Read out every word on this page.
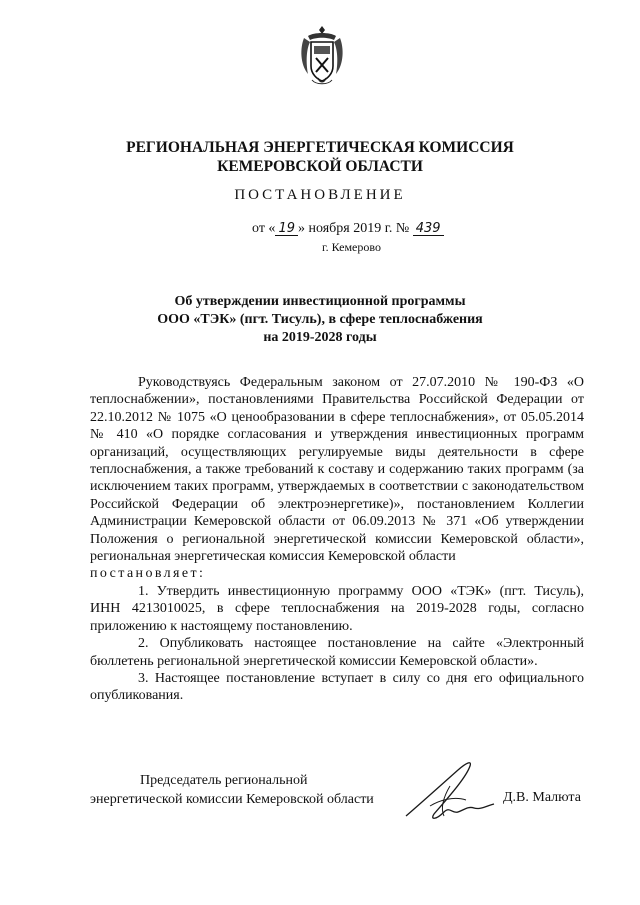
РЕГИОНАЛЬНАЯ ЭНЕРГЕТИЧЕСКАЯ КОМИССИЯ
КЕМЕРОВСКОЙ ОБЛАСТИ
ПОСТАНОВЛЕНИЕ
от « 19 » ноября 2019 г. № 439
г. Кемерово
Об утверждении инвестиционной программы
ООО «ТЭК» (пгт. Тисуль), в сфере теплоснабжения
на 2019-2028 годы

Руководствуясь Федеральным законом от 27.07.2010 № 190-ФЗ «О теплоснабжении», постановлениями Правительства Российской Федерации от 22.10.2012 № 1075 «О ценообразовании в сфере теплоснабжения», от 05.05.2014 № 410 «О порядке согласования и утверждения инвестиционных программ организаций, осуществляющих регулируемые виды деятельности в сфере теплоснабжения, а также требований к составу и содержанию таких программ (за исключением таких программ, утверждаемых в соответствии с законодательством Российской Федерации об электроэнергетике)», постановлением Коллегии Администрации Кемеровской области от 06.09.2013 № 371 «Об утверждении Положения о региональной энергетической комиссии Кемеровской области», региональная энергетическая комиссия Кемеровской области

постановляет:

1. Утвердить инвестиционную программу ООО «ТЭК» (пгт. Тисуль), ИНН 4213010025, в сфере теплоснабжения на 2019-2028 годы, согласно приложению к настоящему постановлению.

2. Опубликовать настоящее постановление на сайте «Электронный бюллетень региональной энергетической комиссии Кемеровской области».

3. Настоящее постановление вступает в силу со дня его официального опубликования.

Председатель региональной
энергетической комиссии Кемеровской области	Д.В. Малюта
